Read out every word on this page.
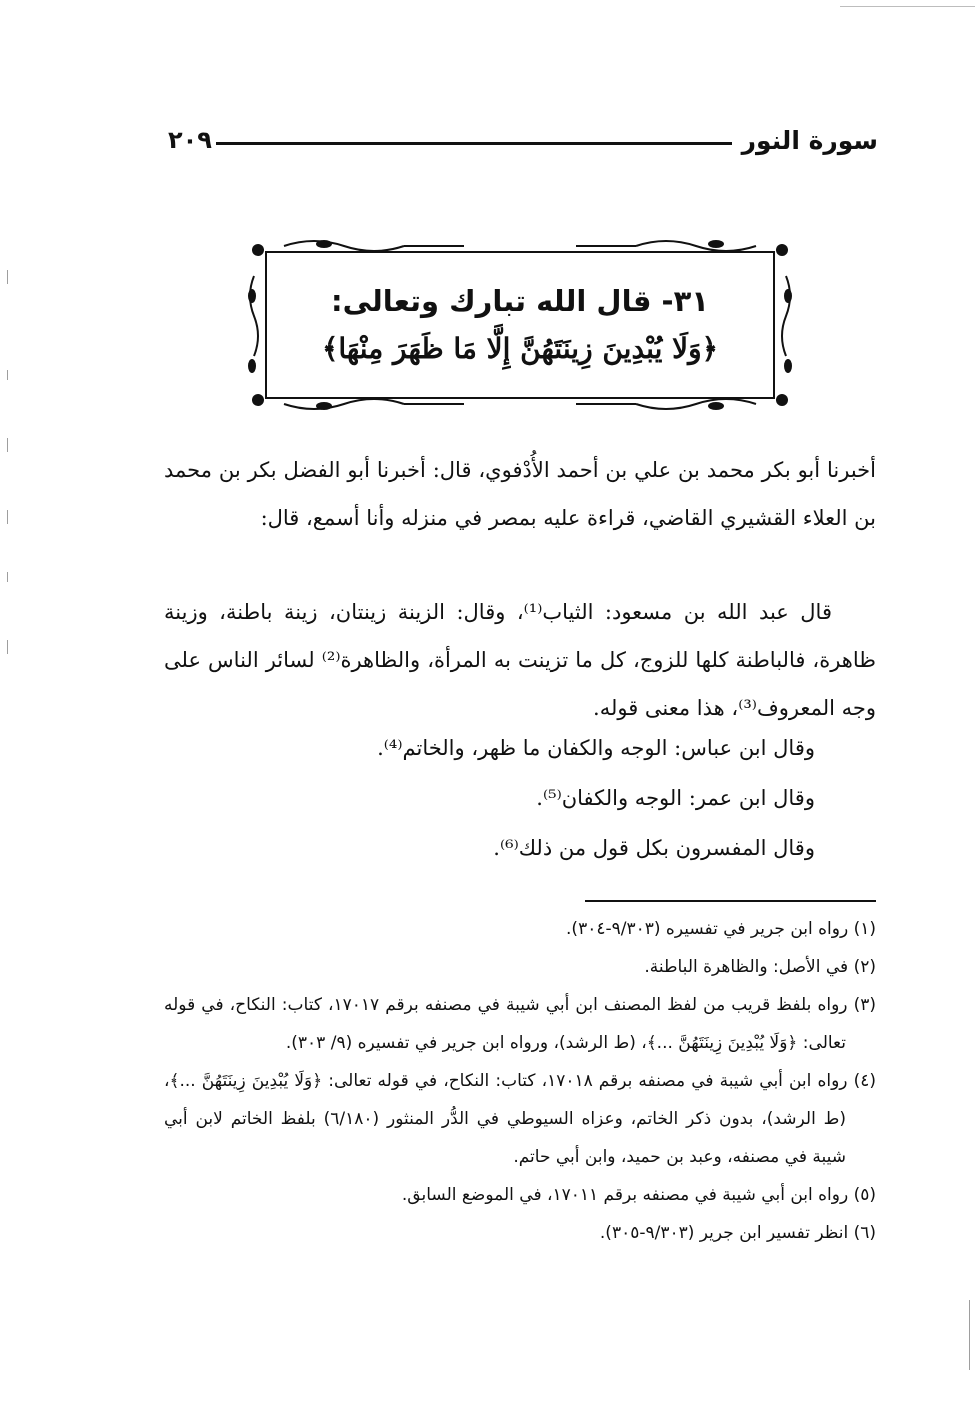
سورة النور
٢٠٩
٣١- قال الله تبارك وتعالى:
﴿وَلَا يُبْدِينَ زِينَتَهُنَّ إِلَّا مَا ظَهَرَ مِنْهَا﴾
أخبرنا أبو بكر محمد بن علي بن أحمد الأُدْفوي، قال: أخبرنا أبو الفضل بكر بن محمد بن العلاء القشيري القاضي، قراءة عليه بمصر في منزله وأنا أسمع، قال:
قال عبد الله بن مسعود: الثياب⁽¹⁾، وقال: الزينة زينتان، زينة باطنة، وزينة ظاهرة، فالباطنة كلها للزوج، كل ما تزينت به المرأة، والظاهرة⁽²⁾ لسائر الناس على وجه المعروف⁽³⁾، هذا معنى قوله.
وقال ابن عباس: الوجه والكفان ما ظهر، والخاتم⁽⁴⁾.
وقال ابن عمر: الوجه والكفان⁽⁵⁾.
وقال المفسرون بكل قول من ذلك⁽⁶⁾.
(١) رواه ابن جرير في تفسيره (٩/٣٠٣-٣٠٤).
(٢) في الأصل: والظاهرة الباطنة.
(٣) رواه بلفظ قريب من لفظ المصنف ابن أبي شيبة في مصنفه برقم ١٧٠١٧، كتاب: النكاح، في قوله تعالى: ﴿وَلَا يُبْدِينَ زِينَتَهُنَّ ...﴾، (ط الرشد)، ورواه ابن جرير في تفسيره (٩/ ٣٠٣).
(٤) رواه ابن أبي شيبة في مصنفه برقم ١٧٠١٨، كتاب: النكاح، في قوله تعالى: ﴿وَلَا يُبْدِينَ زِينَتَهُنَّ ...﴾، (ط الرشد)، بدون ذكر الخاتم، وعزاه السيوطي في الدُّر المنثور (٦/١٨٠) بلفظ الخاتم لابن أبي شيبة في مصنفه، وعبد بن حميد، وابن أبي حاتم.
(٥) رواه ابن أبي شيبة في مصنفه برقم ١٧٠١١، في الموضع السابق.
(٦) انظر تفسير ابن جرير (٩/٣٠٣-٣٠٥).
